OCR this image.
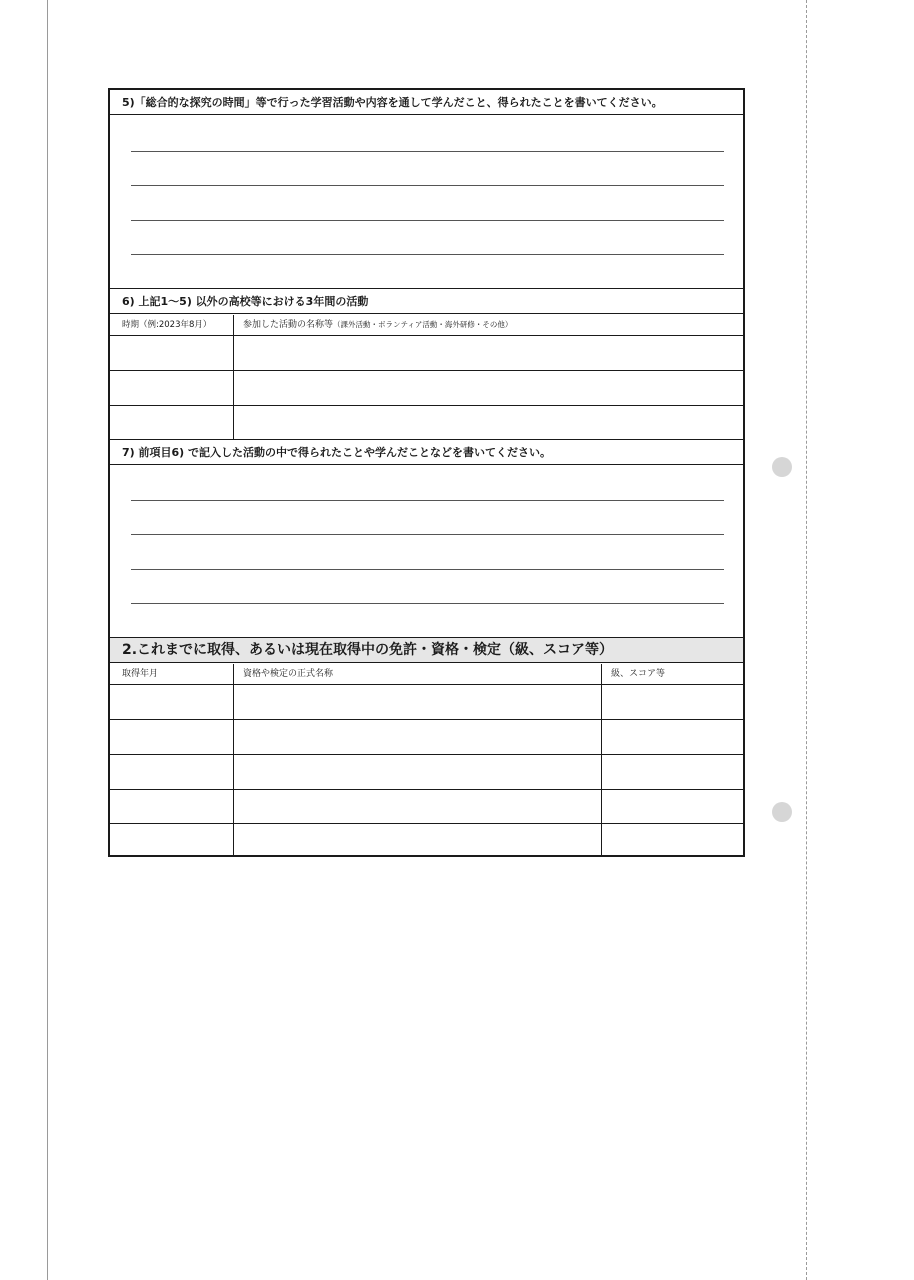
5)「総合的な探究の時間」等で行った学習活動や内容を通して学んだこと、得られたことを書いてください。
6) 上記1〜5) 以外の高校等における3年間の活動
時期（例:2023年8月）	参加した活動の名称等（課外活動・ボランティア活動・海外研修・その他）
7) 前項目6) で記入した活動の中で得られたことや学んだことなどを書いてください。
2.これまでに取得、あるいは現在取得中の免許・資格・検定（級、スコア等）
取得年月	資格や検定の正式名称	級、スコア等
